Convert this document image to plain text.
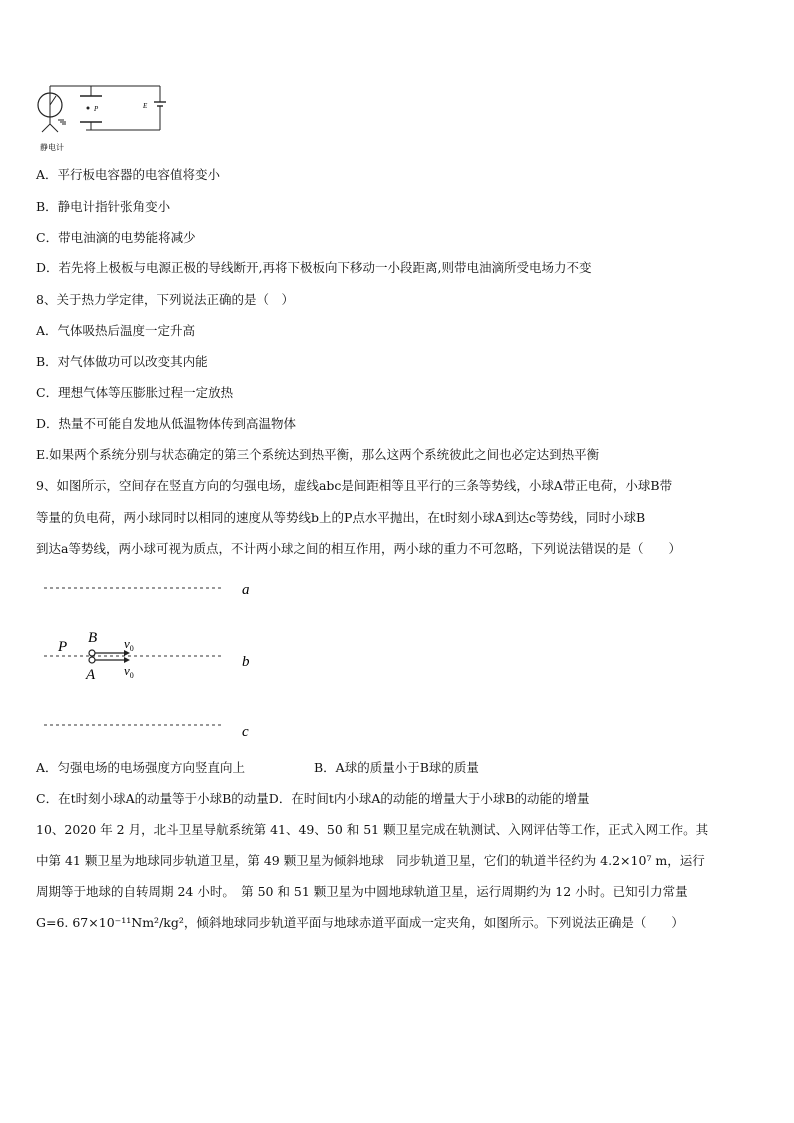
P	E
静电计
A．平行板电容器的电容值将变小
B．静电计指针张角变小
C．带电油滴的电势能将减少
D．若先将上极板与电源正极的导线断开,再将下极板向下移动一小段距离,则带电油滴所受电场力不变
8、关于热力学定律，下列说法正确的是（　）
A．气体吸热后温度一定升高
B．对气体做功可以改变其内能
C．理想气体等压膨胀过程一定放热
D．热量不可能自发地从低温物体传到高温物体
E.如果两个系统分别与状态确定的第三个系统达到热平衡，那么这两个系统彼此之间也必定达到热平衡
9、如图所示，空间存在竖直方向的匀强电场，虚线abc是间距相等且平行的三条等势线，小球A带正电荷，小球B带
等量的负电荷，两小球同时以相同的速度从等势线b上的P点水平抛出，在t时刻小球A到达c等势线，同时小球B
到达a等势线，两小球可视为质点，不计两小球之间的相互作用，两小球的重力不可忽略，下列说法错误的是（　　）
a
b
c
P
B
A
$v_0$
$v_0$
A．匀强电场的电场强度方向竖直向上	B．A球的质量小于B球的质量
C．在t时刻小球A的动量等于小球B的动量D．在时间t内小球A的动能的增量大于小球B的动能的增量
10、2020 年 2 月，北斗卫星导航系统第 41、49、50 和 51 颗卫星完成在轨测试、入网评估等工作，正式入网工作。其
中第 41 颗卫星为地球同步轨道卫星，第 49 颗卫星为倾斜地球　同步轨道卫星，它们的轨道半径约为 4.2×10⁷ m，运行
周期等于地球的自转周期 24 小时。　第 50 和 51 颗卫星为中圆地球轨道卫星，运行周期约为 12 小时。已知引力常量
G=6. 67×10⁻¹¹Nm²/kg²，倾斜地球同步轨道平面与地球赤道平面成一定夹角，如图所示。下列说法正确是（　　）
